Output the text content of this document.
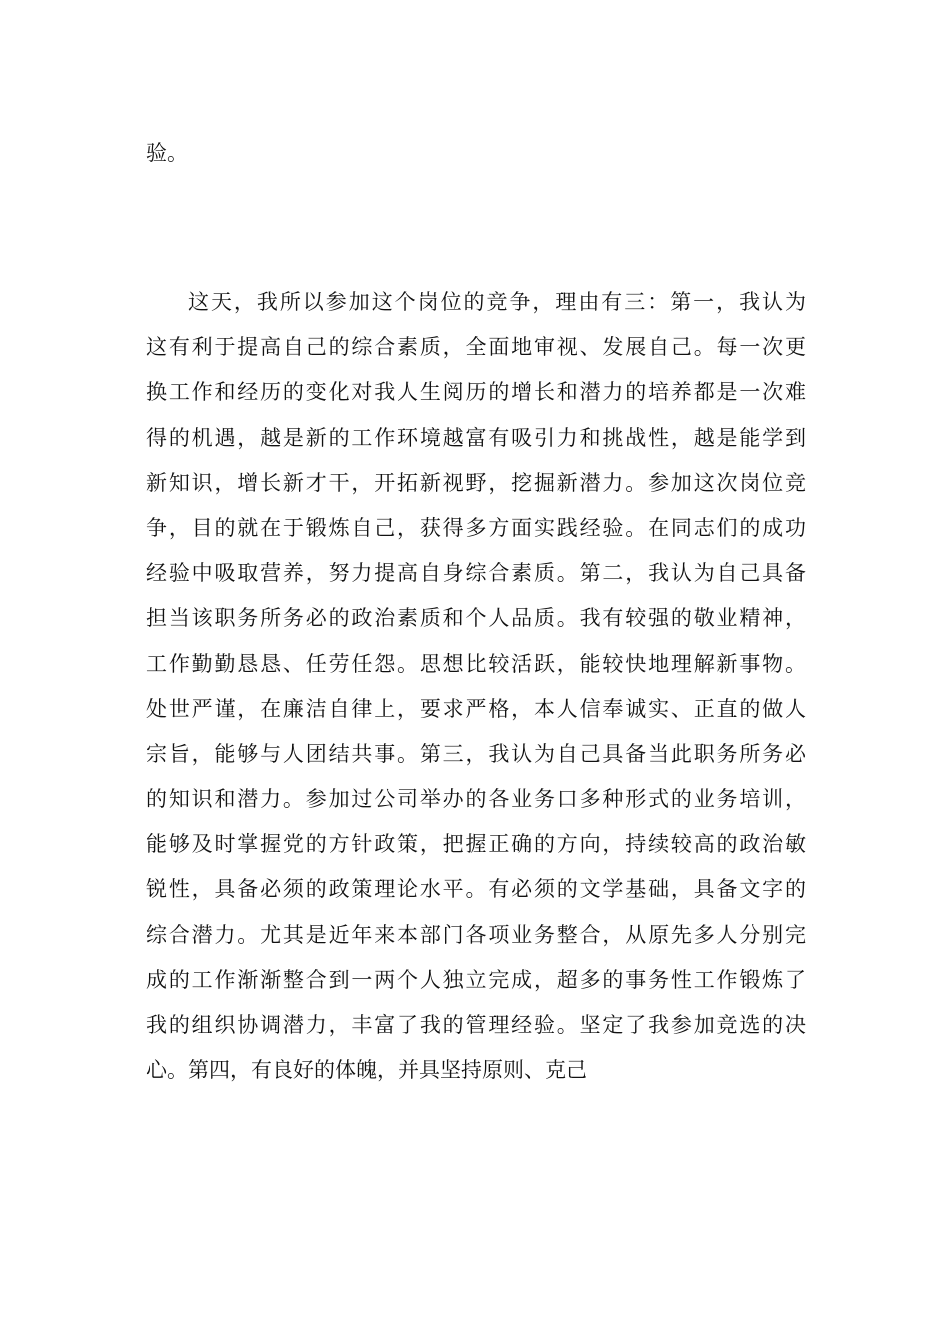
验。
这天，我所以参加这个岗位的竞争，理由有三：第一，我认为
这有利于提高自己的综合素质，全面地审视、发展自己。每一次更
换工作和经历的变化对我人生阅历的增长和潜力的培养都是一次难
得的机遇，越是新的工作环境越富有吸引力和挑战性，越是能学到
新知识，增长新才干，开拓新视野，挖掘新潜力。参加这次岗位竞
争，目的就在于锻炼自己，获得多方面实践经验。在同志们的成功
经验中吸取营养，努力提高自身综合素质。第二，我认为自己具备
担当该职务所务必的政治素质和个人品质。我有较强的敬业精神，
工作勤勤恳恳、任劳任怨。思想比较活跃，能较快地理解新事物。
处世严谨，在廉洁自律上，要求严格，本人信奉诚实、正直的做人
宗旨，能够与人团结共事。第三，我认为自己具备当此职务所务必
的知识和潜力。参加过公司举办的各业务口多种形式的业务培训，
能够及时掌握党的方针政策，把握正确的方向，持续较高的政治敏
锐性，具备必须的政策理论水平。有必须的文学基础，具备文字的
综合潜力。尤其是近年来本部门各项业务整合，从原先多人分别完
成的工作渐渐整合到一两个人独立完成，超多的事务性工作锻炼了
我的组织协调潜力，丰富了我的管理经验。坚定了我参加竞选的决
心。第四，有良好的体魄，并具坚持原则、克己
